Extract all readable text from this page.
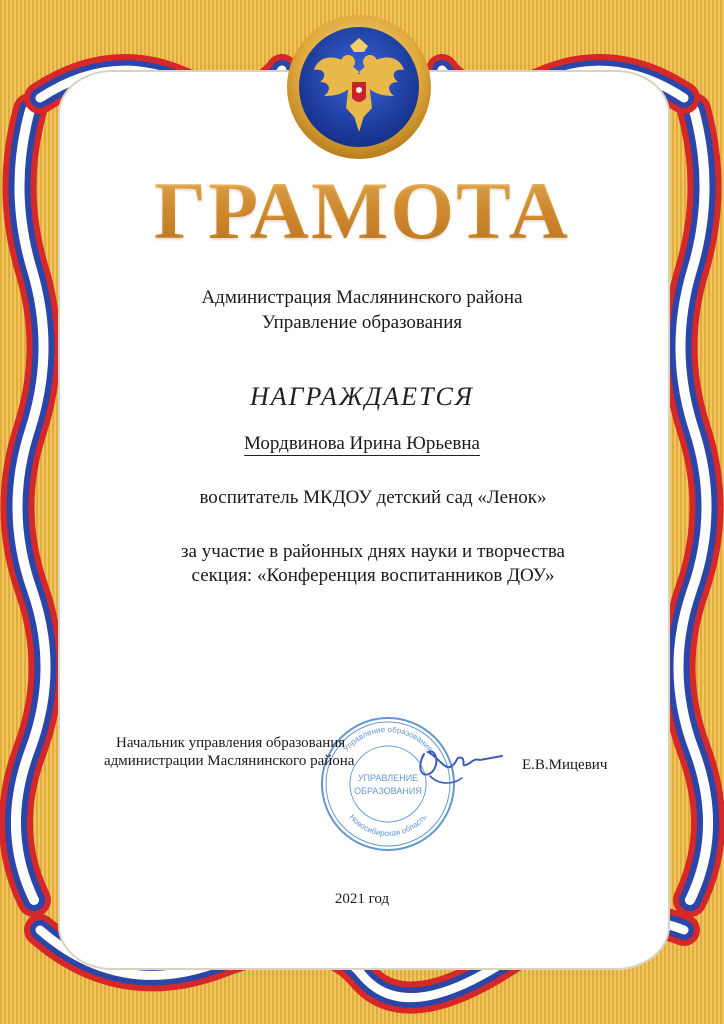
ГРАМОТА
Администрация Маслянинского района
Управление образования
НАГРАЖДАЕТСЯ
Мордвинова Ирина Юрьевна
воспитатель МКДОУ детский сад «Ленок»
за участие в районных днях науки и творчества
секция: «Конференция воспитанников ДОУ»
Управление образования
Новосибирская область
УПРАВЛЕНИЕ
ОБРАЗОВАНИЯ
Начальник управления образования
администрации Маслянинского района	Е.В.Мицевич
2021 год
